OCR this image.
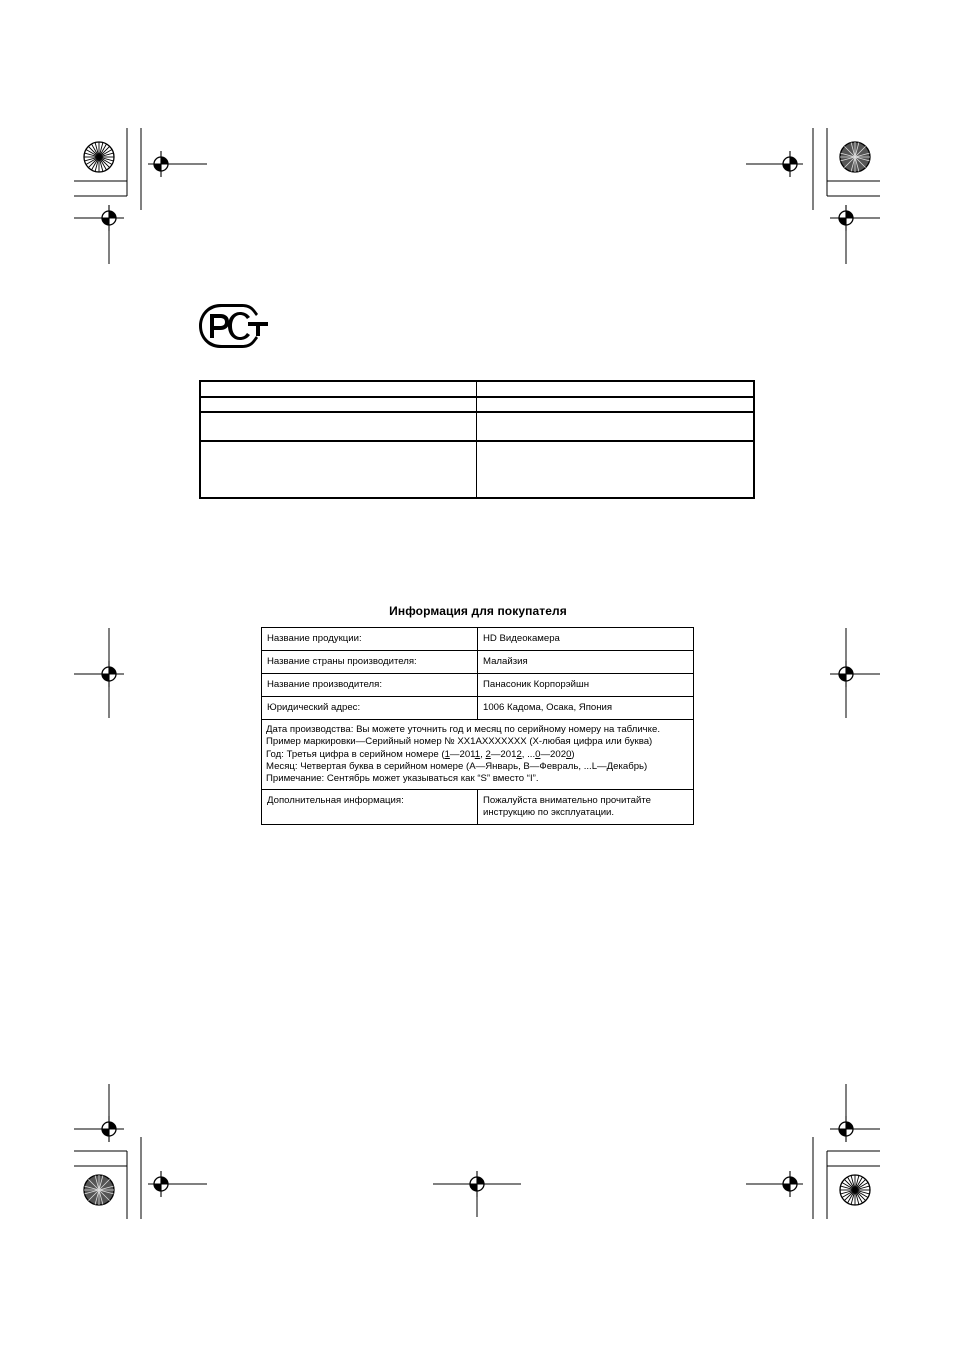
Информация для покупателя
Название продукции:	HD Видеокамера
Название страны производителя:	Малайзия
Название производителя:	Панасоник Корпорэйшн
Юридический адрес:	1006 Кадома, Осака, Япония

Дата производства: Вы можете уточнить год и месяц по серийному номеру на табличке.
Пример маркировки—Серийный номер № XX1AXXXXXXX (X-любая цифра или буква)
Год: Третья цифра в серийном номере (1—2011, 2—2012, ...0—2020)
Месяц: Четвертая буква в серийном номере (A—Январь, B—Февраль, ...L—Декабрь)
Примечание: Сентябрь может указываться как “S” вместо “I”.	

Дополнительная информация:	Пожалуйста внимательно прочитайте
инструкцию по эксплуатации.
